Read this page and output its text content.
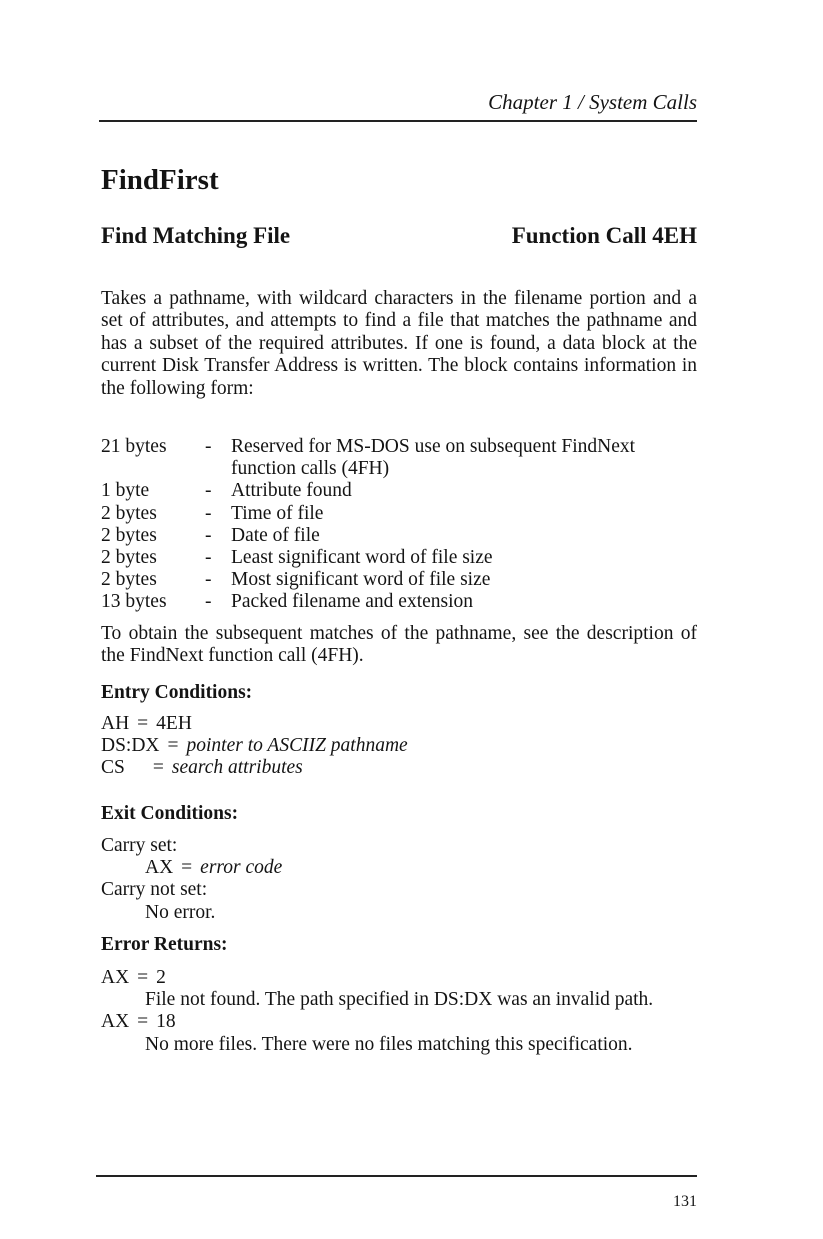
Chapter 1 / System Calls
FindFirst
Find Matching File	Function Call 4EH
Takes a pathname, with wildcard characters in the filename portion and a set of attributes, and attempts to find a file that matches the pathname and has a subset of the required attributes. If one is found, a data block at the current Disk Transfer Address is written. The block contains information in the following form:
21 bytes	-	Reserved for MS-DOS use on subsequent FindNext function calls (4FH)
1 byte	-	Attribute found
2 bytes	-	Time of file
2 bytes	-	Date of file
2 bytes	-	Least significant word of file size
2 bytes	-	Most significant word of file size
13 bytes	-	Packed filename and extension
To obtain the subsequent matches of the pathname, see the description of the FindNext function call (4FH).
Entry Conditions:
AH = 4EH
DS:DX = pointer to ASCIIZ pathname
CS = search attributes
Exit Conditions:
Carry set:
AX = error code
Carry not set:
No error.
Error Returns:
AX = 2
File not found. The path specified in DS:DX was an invalid path.
AX = 18
No more files. There were no files matching this specification.
131
